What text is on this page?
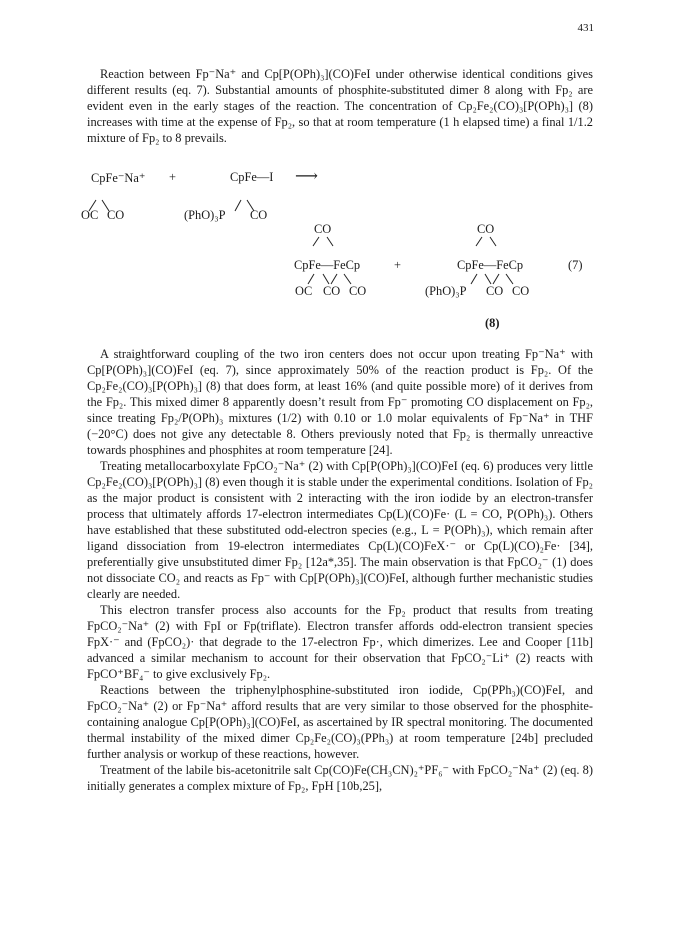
431

Reaction between Fp⁻Na⁺ and Cp[P(OPh)₃](CO)FeI under otherwise identical conditions gives different results (eq. 7). Substantial amounts of phosphite-substituted dimer 8 along with Fp₂ are evident even in the early stages of the reaction. The concentration of Cp₂Fe₂(CO)₃[P(OPh)₃] (8) increases with time at the expense of Fp₂, so that at room temperature (1 h elapsed time) a final 1/1.2 mixture of Fp₂ to 8 prevails.

CpFe⁻Na⁺ +	CpFe—I ⟶
OC CO	(PhO)₃P CO
CO
CpFe—FeCp	+
OC CO CO
CO
CpFe—FeCp	(7)
(PhO)₃P CO CO
(8)

A straightforward coupling of the two iron centers does not occur upon treating Fp⁻Na⁺ with Cp[P(OPh)₃](CO)FeI (eq. 7), since approximately 50% of the reaction product is Fp₂. Of the Cp₂Fe₂(CO)₃[P(OPh)₃] (8) that does form, at least 16% (and quite possible more) of it derives from the Fp₂. This mixed dimer 8 apparently doesn’t result from Fp⁻ promoting CO displacement on Fp₂, since treating Fp₂/P(OPh)₃ mixtures (1/2) with 0.10 or 1.0 molar equivalents of Fp⁻Na⁺ in THF (−20°C) does not give any detectable 8. Others previously noted that Fp₂ is thermally unreactive towards phosphines and phosphites at room temperature [24].

Treating metallocarboxylate FpCO₂⁻Na⁺ (2) with Cp[P(OPh)₃](CO)FeI (eq. 6) produces very little Cp₂Fe₂(CO)₃[P(OPh)₃] (8) even though it is stable under the experimental conditions. Isolation of Fp₂ as the major product is consistent with 2 interacting with the iron iodide by an electron-transfer process that ultimately affords 17-electron intermediates Cp(L)(CO)Fe· (L = CO, P(OPh)₃). Others have established that these substituted odd-electron species (e.g., L = P(OPh)₃), which remain after ligand dissociation from 19-electron intermediates Cp(L)(CO)FeX·⁻ or Cp(L)(CO)₂Fe· [34], preferentially give unsubstituted dimer Fp₂ [12a*,35]. The main observation is that FpCO₂⁻ (1) does not dissociate CO₂ and reacts as Fp⁻ with Cp[P(OPh)₃](CO)FeI, although further mechanistic studies clearly are needed.

This electron transfer process also accounts for the Fp₂ product that results from treating FpCO₂⁻Na⁺ (2) with FpI or Fp(triflate). Electron transfer affords odd-electron transient species FpX·⁻ and (FpCO₂)· that degrade to the 17-electron Fp·, which dimerizes. Lee and Cooper [11b] advanced a similar mechanism to account for their observation that FpCO₂⁻Li⁺ (2) reacts with FpCO⁺BF₄⁻ to give exclusively Fp₂.

Reactions between the triphenylphosphine-substituted iron iodide, Cp(PPh₃)(CO)FeI, and FpCO₂⁻Na⁺ (2) or Fp⁻Na⁺ afford results that are very similar to those observed for the phosphite-containing analogue Cp[P(OPh)₃](CO)FeI, as ascertained by IR spectral monitoring. The documented thermal instability of the mixed dimer Cp₂Fe₂(CO)₃(PPh₃) at room temperature [24b] precluded further analysis or workup of these reactions, however.

Treatment of the labile bis-acetonitrile salt Cp(CO)Fe(CH₃CN)₂⁺PF₆⁻ with FpCO₂⁻Na⁺ (2) (eq. 8) initially generates a complex mixture of Fp₂, FpH [10b,25],
